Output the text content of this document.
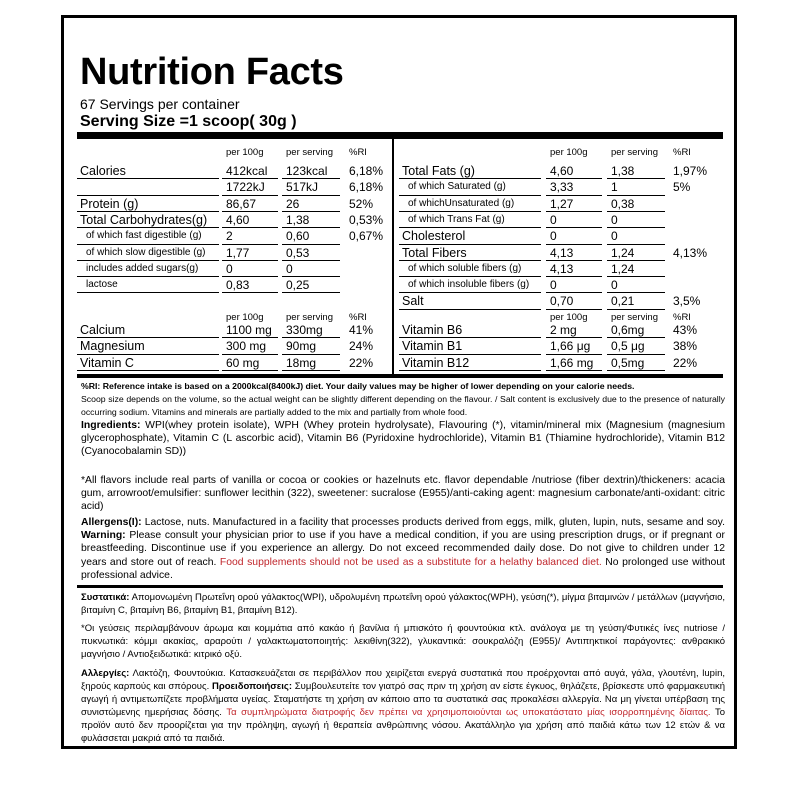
Nutrition Facts
67 Servings per container
Serving Size =1 scoop( 30g )
per 100g per serving %RI	per 100g per serving %RI
per 100g per serving %RI	per 100g per serving %RI
Calories	412kcal 123kcal 6,18%
1722kJ 517kJ	6,18%
Protein (g)	86,67 26	52%
Total Carbohydrates(g) 4,60	1,38	0,53%
of which fast digestible (g) 2	0,60	0,67%
of which slow digestible (g) 1,77	0,53
includes added sugars(g) 0	0
lactose	0,83	0,25
Total Fats (g)	4,60	1,38	1,97%
of which Saturated (g)	3,33	1	5%
of whichUnsaturated (g)	1,27	0,38
of which Trans Fat (g)	0	0
Cholesterol	0	0
Total Fibers	4,13	1,24	4,13%
of which soluble fibers (g) 4,13	1,24
of which insoluble fibers (g) 0	0
Salt	0,70	0,21	3,5%
Calcium	1100 mg 330mg 41%
Magnesium	300 mg 90mg	24%
Vitamin C	60 mg 18mg	22%
Vitamin B6	2 mg	0,6mg 43%
Vitamin B1	1,66 μg 0,5 μg 38%
Vitamin B12	1,66 mg 0,5mg 22%
%RI: Reference intake is based on a 2000kcal(8400kJ) diet. Your daily values may be higher of lower depending on your calorie needs.
Scoop size depends on the volume, so the actual weight can be slightly different depending on the flavour. / Salt content is exclusively due to the presence of naturally occurring sodium. Vitamins and minerals are partially added to the mix and partially from whole food.
Ingredients: WPI(whey protein isolate), WPH (Whey protein hydrolysate), Flavouring (*), vitamin/mineral mix (Magnesium (magnesium glycerophosphate), Vitamin C (L ascorbic acid), Vitamin B6 (Pyridoxine hydrochloride), Vitamin B1 (Thiamine hydrochloride), Vitamin B12 (Cyanocobalamin SD))
*All flavors include real parts of vanilla or cocoa or cookies or hazelnuts etc. flavor dependable /nutriose (fiber dextrin)/thickeners: acacia gum, arrowroot/emulsifier: sunflower lecithin (322), sweetener: sucralose (E955)/anti-caking agent: magnesium carbonate/anti-oxidant: citric acid)
Allergens(I): Lactose, nuts. Manufactured in a facility that processes products derived from eggs, milk, gluten, lupin, nuts, sesame and soy. Warning: Please consult your physician prior to use if you have a medical condition, if you are using prescription drugs, or if pregnant or breastfeeding. Discontinue use if you experience an allergy. Do not exceed recommended daily dose. Do not give to children under 12 years and store out of reach. Food supplements should not be used as a substitute for a helathy balanced diet. No prolonged use without professional advice.
Συστατικά: Απομονωμένη Πρωτεΐνη ορού γάλακτος(WPI), υδρολυμένη πρωτεΐνη ορού γάλακτος(WPH), γεύση(*), μίγμα βιταμινών / μετάλλων (μαγνήσιο, βιταμίνη C, βιταμίνη B6, βιταμίνη B1, βιταμίνη B12).
*Οι γεύσεις περιλαμβάνουν άρωμα και κομμάτια από κακάο ή βανίλια ή μπισκότο ή φουντούκια κτλ. ανάλογα με τη γεύση/Φυτικές ίνες nutriose / πυκνωτικά: κόμμι ακακίας, αραρούτι / γαλακτωματοποιητής: λεκιθίνη(322), γλυκαντικά: σουκραλόζη (E955)/ Αντιπηκτικοί παράγοντες: ανθρακικό μαγνήσιο / Αντιοξειδωτικά: κιτρικό οξύ.
Αλλεργίες: Λακτόζη, Φουντούκια. Κατασκευάζεται σε περιβάλλον που χειρίζεται ενεργά συστατικά που προέρχονται από αυγά, γάλα, γλουτένη, lupin, ξηρούς καρπούς και σπόρους. Προειδοποιήσεις: Συμβουλευτείτε τον γιατρό σας πριν τη χρήση αν είστε έγκυος, θηλάζετε, βρίσκεστε υπό φαρμακευτική αγωγή ή αντιμετωπίζετε προβλήματα υγείας. Σταματήστε τη χρήση αν κάποιο απο τα συστατικά σας προκαλέσει αλλεργία. Να μη γίνεται υπέρβαση της συνιστώμενης ημερήσιας δόσης. Τα συμπληρώματα διατροφής δεν πρέπει να χρησιμοποιούνται ως υποκατάστατο μίας ισορροπημένης δίαιτας. Το προϊόν αυτό δεν προορίζεται για την πρόληψη, αγωγή ή θεραπεία ανθρώπινης νόσου. Ακατάλληλο για χρήση από παιδιά κάτω των 12 ετών & να φυλάσσεται μακριά από τα παιδιά.
